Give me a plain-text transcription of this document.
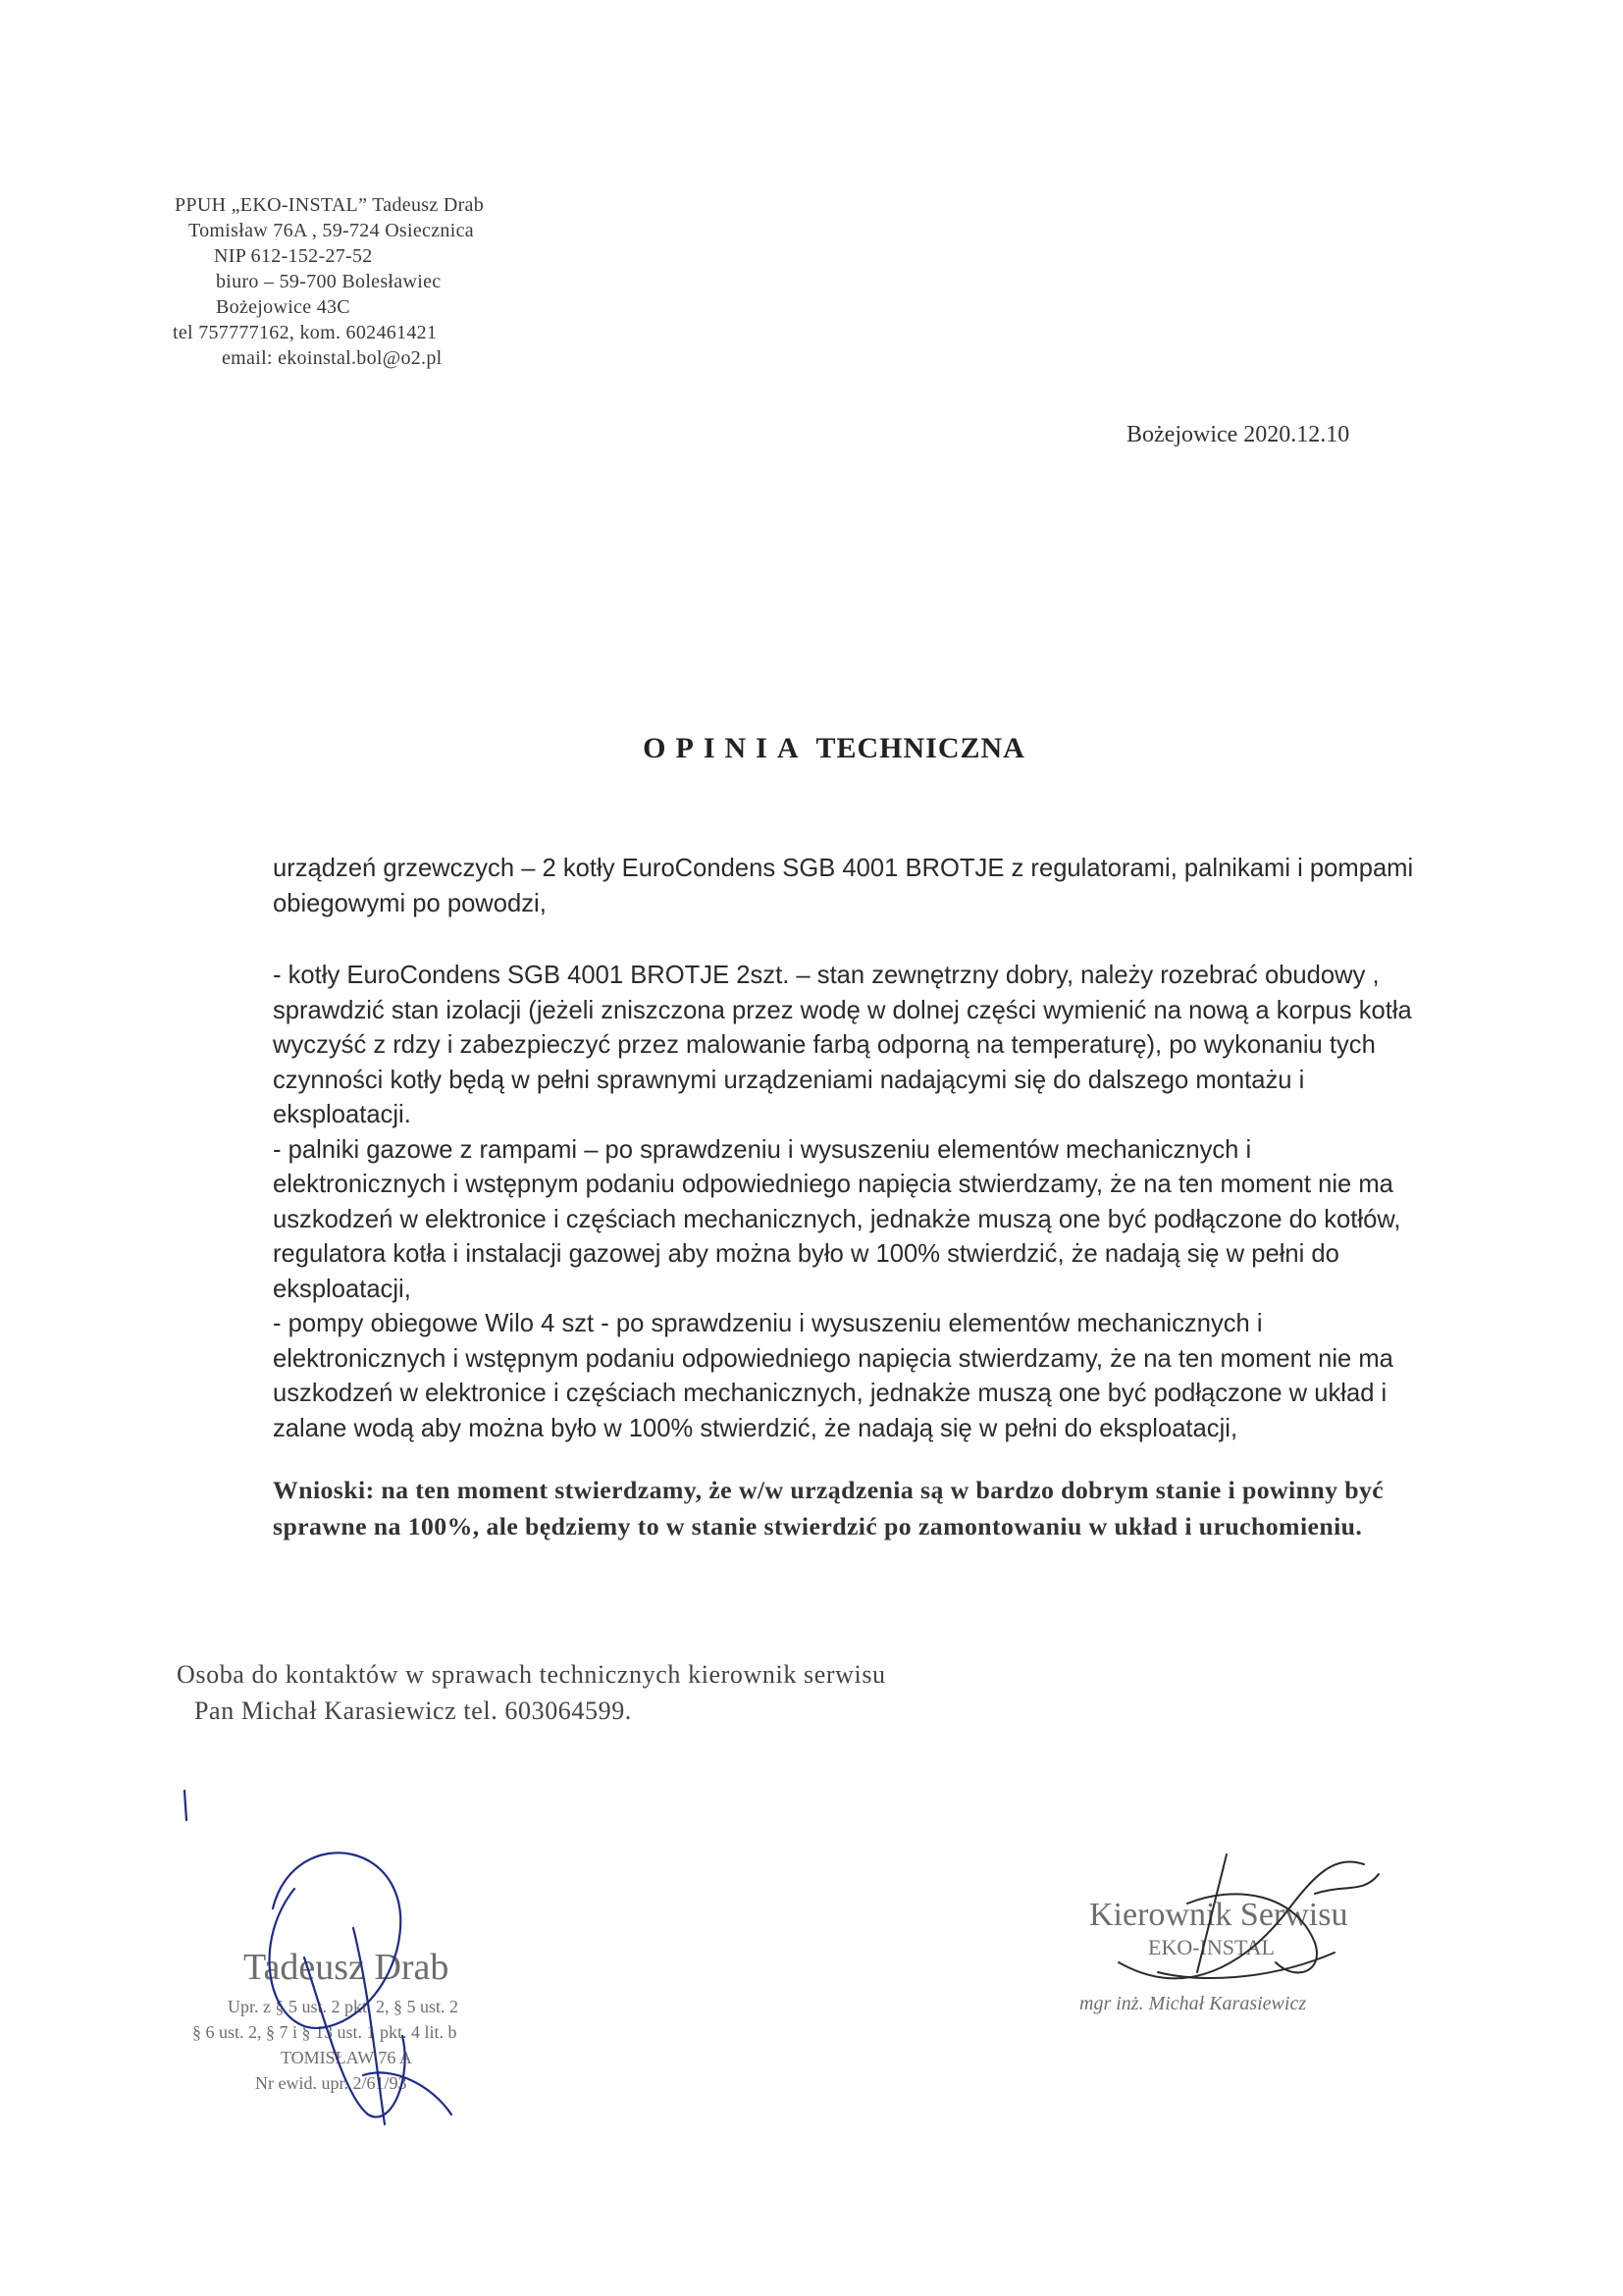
PPUH „EKO-INSTAL” Tadeusz Drab
Tomisław 76A , 59-724 Osiecznica
NIP 612-152-27-52
biuro – 59-700 Bolesławiec
Bożejowice 43C
tel 757777162, kom. 602461421
email: ekoinstal.bol@o2.pl
Bożejowice 2020.12.10
OPINIA TECHNICZNA

urządzeń grzewczych – 2 kotły EuroCondens SGB 4001 BROTJE z regulatorami, palnikami i pompami obiegowymi po powodzi,

- kotły EuroCondens SGB 4001 BROTJE 2szt. – stan zewnętrzny dobry, należy rozebrać obudowy , sprawdzić stan izolacji (jeżeli zniszczona przez wodę w dolnej części wymienić na nową a korpus kotła wyczyść z rdzy i zabezpieczyć przez malowanie farbą odporną na temperaturę), po wykonaniu tych czynności kotły będą w pełni sprawnymi urządzeniami nadającymi się do dalszego montażu i eksploatacji.

- palniki gazowe z rampami – po sprawdzeniu i wysuszeniu elementów mechanicznych i elektronicznych i wstępnym podaniu odpowiedniego napięcia stwierdzamy, że na ten moment nie ma uszkodzeń w elektronice i częściach mechanicznych, jednakże muszą one być podłączone do kotłów, regulatora kotła i instalacji gazowej aby można było w 100% stwierdzić, że nadają się w pełni do eksploatacji,

- pompy obiegowe Wilo 4 szt - po sprawdzeniu i wysuszeniu elementów mechanicznych i elektronicznych i wstępnym podaniu odpowiedniego napięcia stwierdzamy, że na ten moment nie ma uszkodzeń w elektronice i częściach mechanicznych, jednakże muszą one być podłączone w układ i zalane wodą aby można było w 100% stwierdzić, że nadają się w pełni do eksploatacji,

Wnioski: na ten moment stwierdzamy, że w/w urządzenia są w bardzo dobrym stanie i powinny być sprawne na 100%, ale będziemy to w stanie stwierdzić po zamontowaniu w układ i uruchomieniu.

Osoba do kontaktów w sprawach technicznych kierownik serwisu
Pan Michał Karasiewicz tel. 603064599.
Tadeusz Drab
Upr. z § 5 ust. 2 pkt. 2, § 5 ust. 2
§ 6 ust. 2, § 7 i § 13 ust. 1 pkt. 4 lit. b
TOMISŁAW 76 A
Nr ewid. upr. 2/61/93
Kierownik Serwisu
EKO-INSTAL
mgr inż. Michał Karasiewicz
